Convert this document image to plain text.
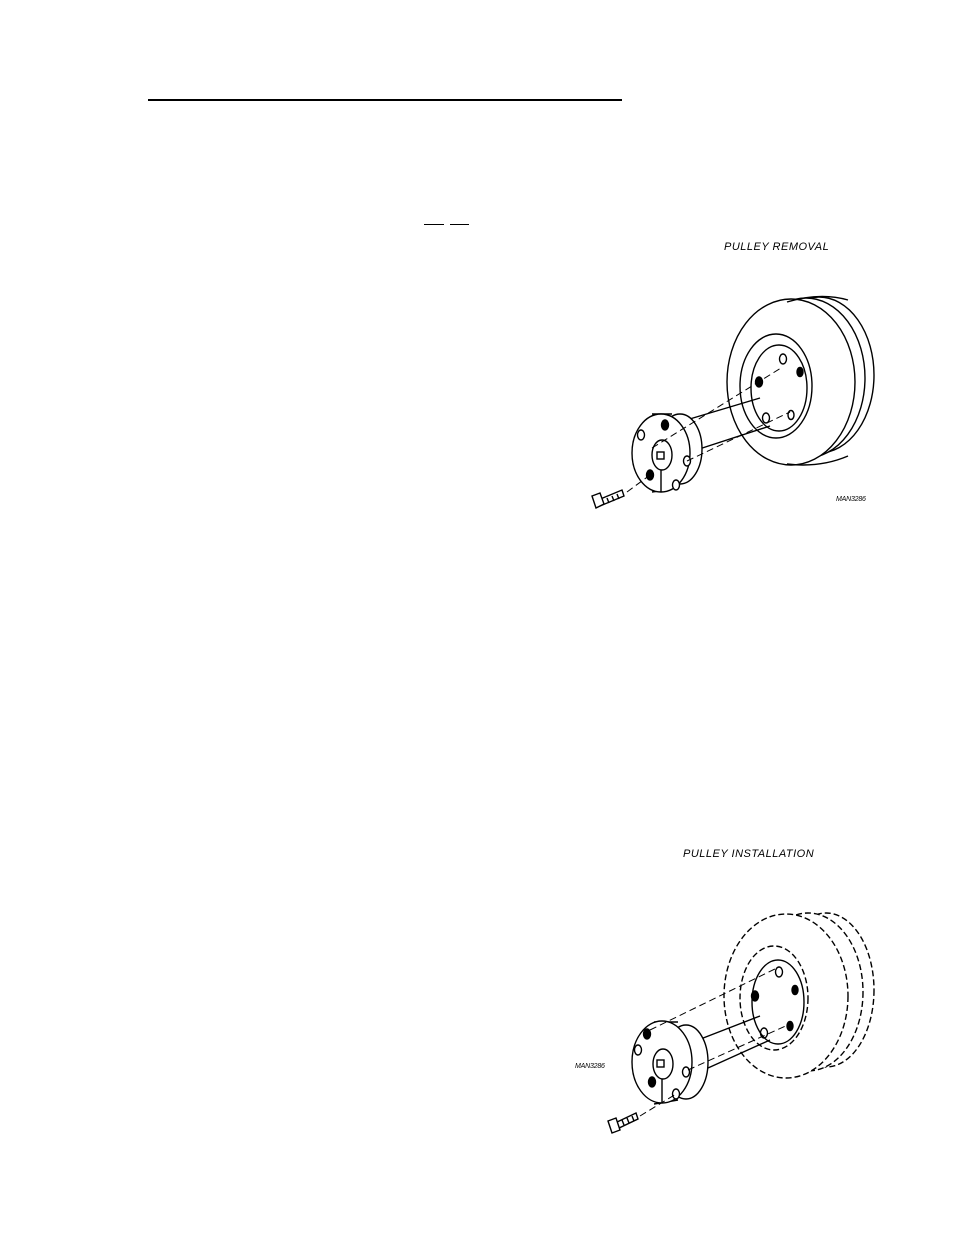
PULLEY REMOVAL
MAN3286
PULLEY INSTALLATION
MAN3286
